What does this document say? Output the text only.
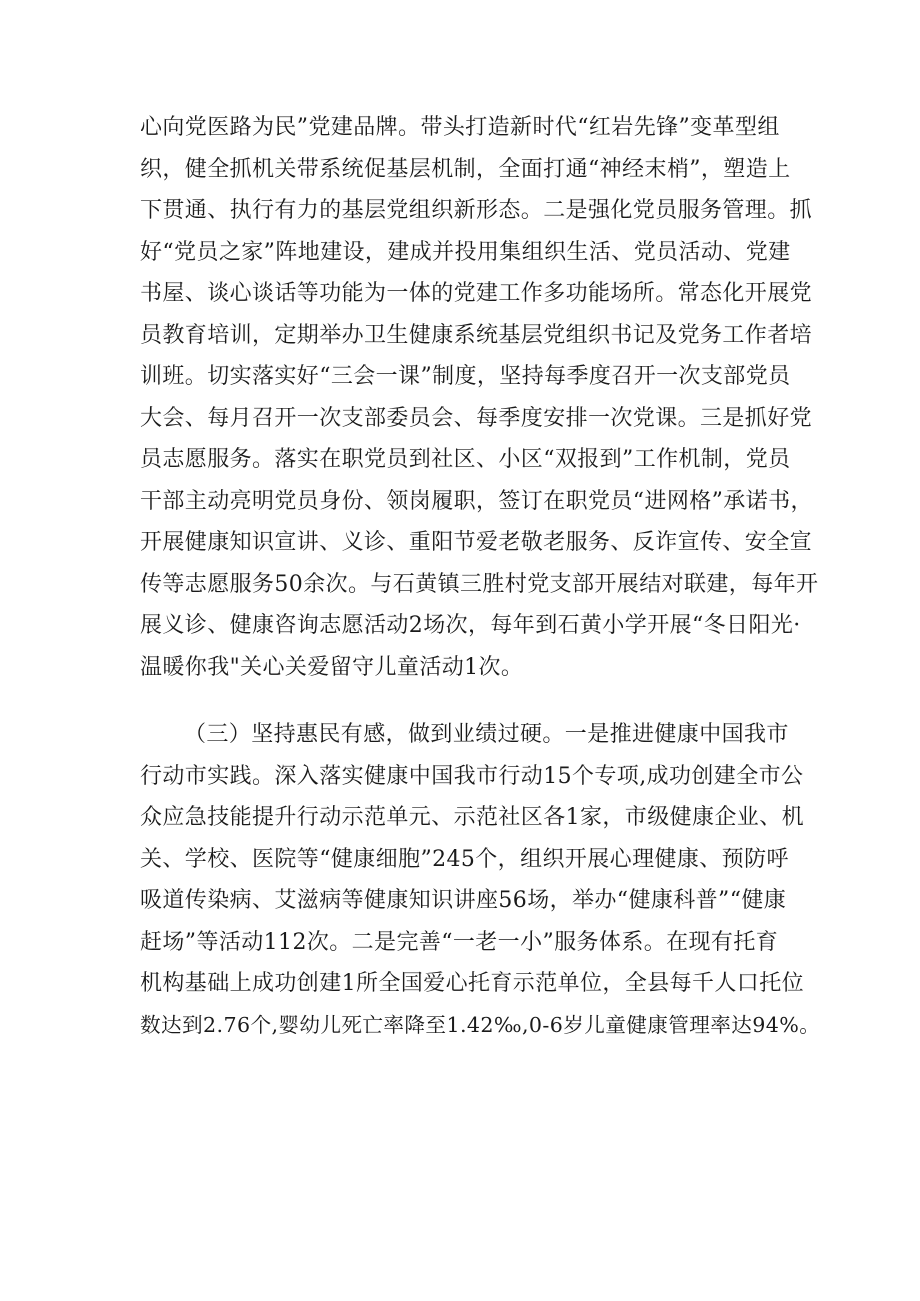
心向党医路为民”党建品牌。带头打造新时代“红岩先锋”变革型组
织，健全抓机关带系统促基层机制，全面打通“神经末梢”，塑造上
下贯通、执行有力的基层党组织新形态。二是强化党员服务管理。抓
好“党员之家”阵地建设，建成并投用集组织生活、党员活动、党建
书屋、谈心谈话等功能为一体的党建工作多功能场所。常态化开展党
员教育培训，定期举办卫生健康系统基层党组织书记及党务工作者培
训班。切实落实好“三会一课”制度，坚持每季度召开一次支部党员
大会、每月召开一次支部委员会、每季度安排一次党课。三是抓好党
员志愿服务。落实在职党员到社区、小区“双报到”工作机制，党员
干部主动亮明党员身份、领岗履职，签订在职党员“进网格”承诺书，
开展健康知识宣讲、义诊、重阳节爱老敬老服务、反诈宣传、安全宣
传等志愿服务50余次。与石黄镇三胜村党支部开展结对联建，每年开
展义诊、健康咨询志愿活动2场次，每年到石黄小学开展“冬日阳光·
温暖你我"关心关爱留守儿童活动1次。

（三）坚持惠民有感，做到业绩过硬。一是推进健康中国我市
行动市实践。深入落实健康中国我市行动15个专项,成功创建全市公
众应急技能提升行动示范单元、示范社区各1家，市级健康企业、机
关、学校、医院等“健康细胞”245个，组织开展心理健康、预防呼
吸道传染病、艾滋病等健康知识讲座56场，举办“健康科普”“健康
赶场”等活动112次。二是完善“一老一小”服务体系。在现有托育
机构基础上成功创建1所全国爱心托育示范单位，全县每千人口托位
数达到2.76个,婴幼儿死亡率降至1.42‰,0-6岁儿童健康管理率达94%。
